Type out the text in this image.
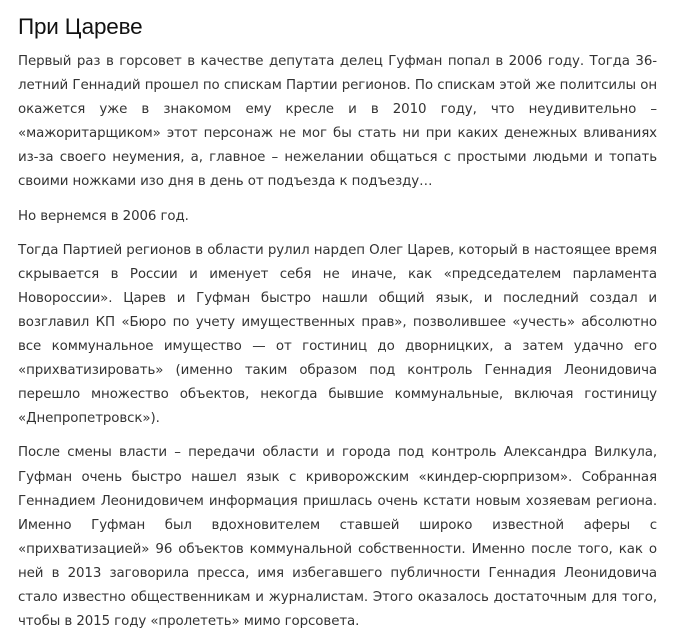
При Цареве

Первый раз в горсовет в качестве депутата делец Гуфман попал в 2006 году. Тогда 36-летний Геннадий прошел по спискам Партии регионов. По спискам этой же политсилы он окажется уже в знакомом ему кресле и в 2010 году, что неудивительно – «мажоритарщиком» этот персонаж не мог бы стать ни при каких денежных вливаниях из-за своего неумения, а, главное – нежелании общаться с простыми людьми и топать своими ножками изо дня в день от подъезда к подъезду…

Но вернемся в 2006 год.

Тогда Партией регионов в области рулил нардеп Олег Царев, который в настоящее время скрывается в России и именует себя не иначе, как «председателем парламента Новороссии». Царев и Гуфман быстро нашли общий язык, и последний создал и возглавил КП «Бюро по учету имущественных прав», позволившее «учесть» абсолютно все коммунальное имущество — от гостиниц до дворницких, а затем удачно его «прихватизировать» (именно таким образом под контроль Геннадия Леонидовича перешло множество объектов, некогда бывшие коммунальные, включая гостиницу «Днепропетровск»).

После смены власти – передачи области и города под контроль Александра Вилкула, Гуфман очень быстро нашел язык с криворожским «киндер-сюрпризом». Собранная Геннадием Леонидовичем информация пришлась очень кстати новым хозяевам региона. Именно Гуфман был вдохновителем ставшей широко известной аферы с «прихватизацией» 96 объектов коммунальной собственности. Именно после того, как о ней в 2013 заговорила пресса, имя избегавшего публичности Геннадия Леонидовича стало известно общественникам и журналистам. Этого оказалось достаточным для того, чтобы в 2015 году «пролететь» мимо горсовета.
